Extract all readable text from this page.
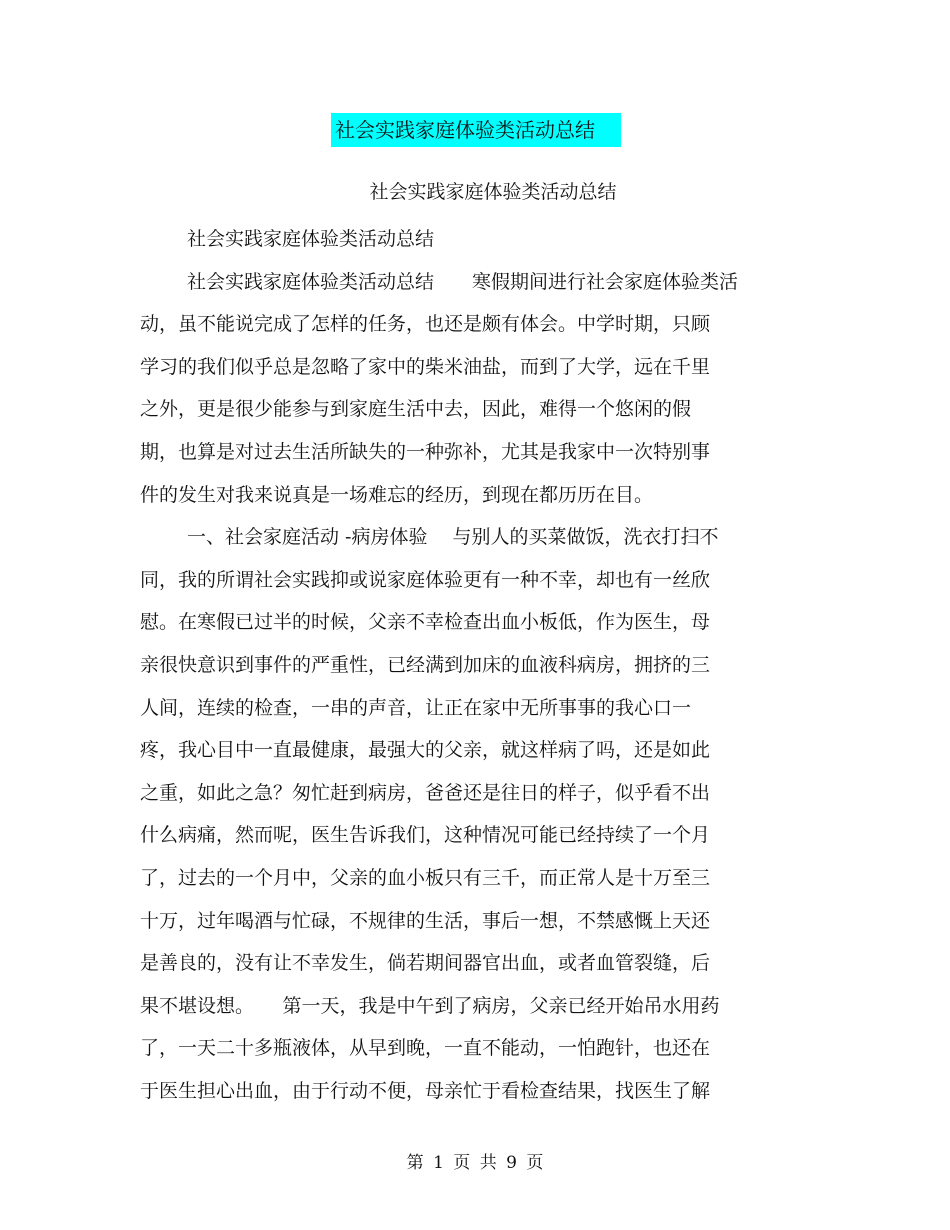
社会实践家庭体验类活动总结
社会实践家庭体验类活动总结
社会实践家庭体验类活动总结
社会实践家庭体验类活动总结　　寒假期间进行社会家庭体验类活
动，虽不能说完成了怎样的任务，也还是颇有体会。中学时期，只顾
学习的我们似乎总是忽略了家中的柴米油盐，而到了大学，远在千里
之外，更是很少能参与到家庭生活中去，因此，难得一个悠闲的假
期，也算是对过去生活所缺失的一种弥补，尤其是我家中一次特别事
件的发生对我来说真是一场难忘的经历，到现在都历历在目。
一、社会家庭活动 -病房体验　 与别人的买菜做饭，洗衣打扫不
同，我的所谓社会实践抑或说家庭体验更有一种不幸，却也有一丝欣
慰。在寒假已过半的时候，父亲不幸检查出血小板低，作为医生，母
亲很快意识到事件的严重性，已经满到加床的血液科病房，拥挤的三
人间，连续的检查，一串的声音，让正在家中无所事事的我心口一
疼，我心目中一直最健康，最强大的父亲，就这样病了吗，还是如此
之重，如此之急？匆忙赶到病房，爸爸还是往日的样子，似乎看不出
什么病痛，然而呢，医生告诉我们，这种情况可能已经持续了一个月
了，过去的一个月中，父亲的血小板只有三千，而正常人是十万至三
十万，过年喝酒与忙碌，不规律的生活，事后一想，不禁感慨上天还
是善良的，没有让不幸发生，倘若期间器官出血，或者血管裂缝，后
果不堪设想。　　第一天，我是中午到了病房，父亲已经开始吊水用药
了，一天二十多瓶液体，从早到晚，一直不能动，一怕跑针，也还在
于医生担心出血，由于行动不便，母亲忙于看检查结果，找医生了解
第 1 页 共 9 页
